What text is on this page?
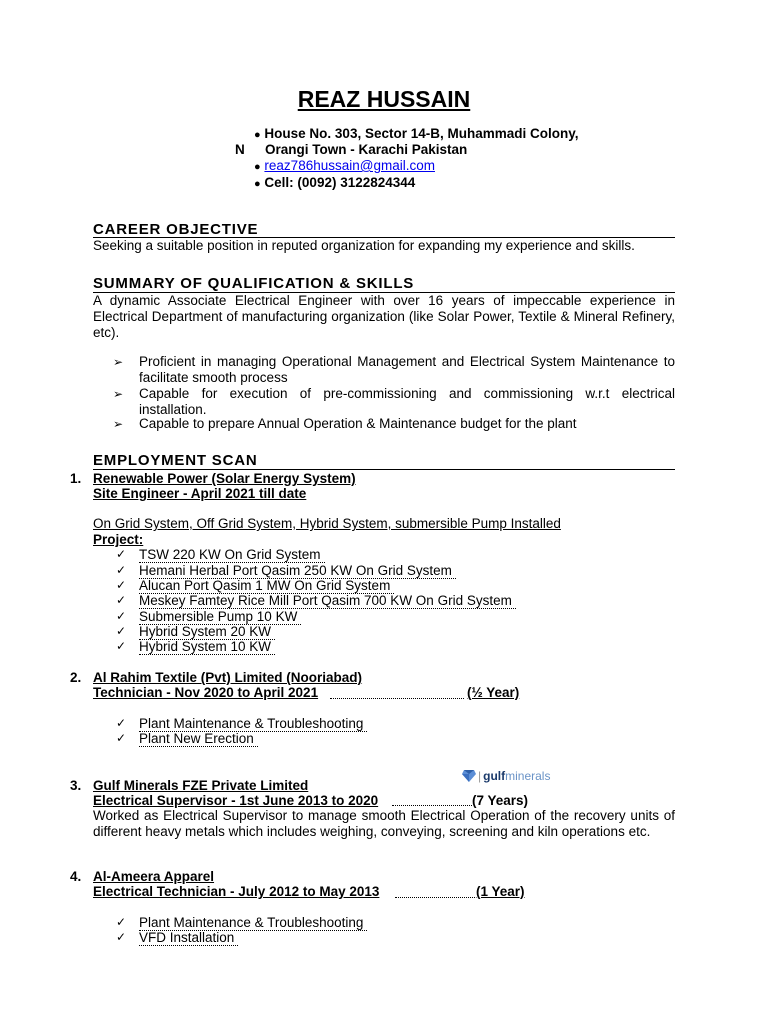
REAZ HUSSAIN
● House No. 303, Sector 14-B, Muhammadi Colony,
N Orangi Town - Karachi Pakistan
● reaz786hussain@gmail.com
● Cell: (0092) 3122824344
CAREER OBJECTIVE
Seeking a suitable position in reputed organization for expanding my experience and skills.
SUMMARY OF QUALIFICATION & SKILLS
A dynamic Associate Electrical Engineer with over 16 years of impeccable experience in Electrical Department of manufacturing organization (like Solar Power, Textile & Mineral Refinery, etc).
➢ Proficient in managing Operational Management and Electrical System Maintenance to facilitate smooth process
➢ Capable for execution of pre-commissioning and commissioning w.r.t electrical installation.
➢ Capable to prepare Annual Operation & Maintenance budget for the plant
EMPLOYMENT SCAN
1. Renewable Power (Solar Energy System)
Site Engineer - April 2021 till date
On Grid System, Off Grid System, Hybrid System, submersible Pump Installed
Project:
✓ TSW 220 KW On Grid System
✓ Hemani Herbal Port Qasim 250 KW On Grid System
✓ Alucan Port Qasim 1 MW On Grid System
✓ Meskey Famtey Rice Mill Port Qasim 700 KW On Grid System
✓ Submersible Pump 10 KW
✓ Hybrid System 20 KW
✓ Hybrid System 10 KW
2. Al Rahim Textile (Pvt) Limited (Nooriabad)
Technician - Nov 2020 to April 2021	(½ Year)
✓ Plant Maintenance & Troubleshooting
✓ Plant New Erection
| gulfminerals
3. Gulf Minerals FZE Private Limited
Electrical Supervisor - 1st June 2013 to 2020	(7 Years)
Worked as Electrical Supervisor to manage smooth Electrical Operation of the recovery units of different heavy metals which includes weighing, conveying, screening and kiln operations etc.
4. Al-Ameera Apparel
Electrical Technician - July 2012 to May 2013	(1 Year)
✓ Plant Maintenance & Troubleshooting
✓ VFD Installation
